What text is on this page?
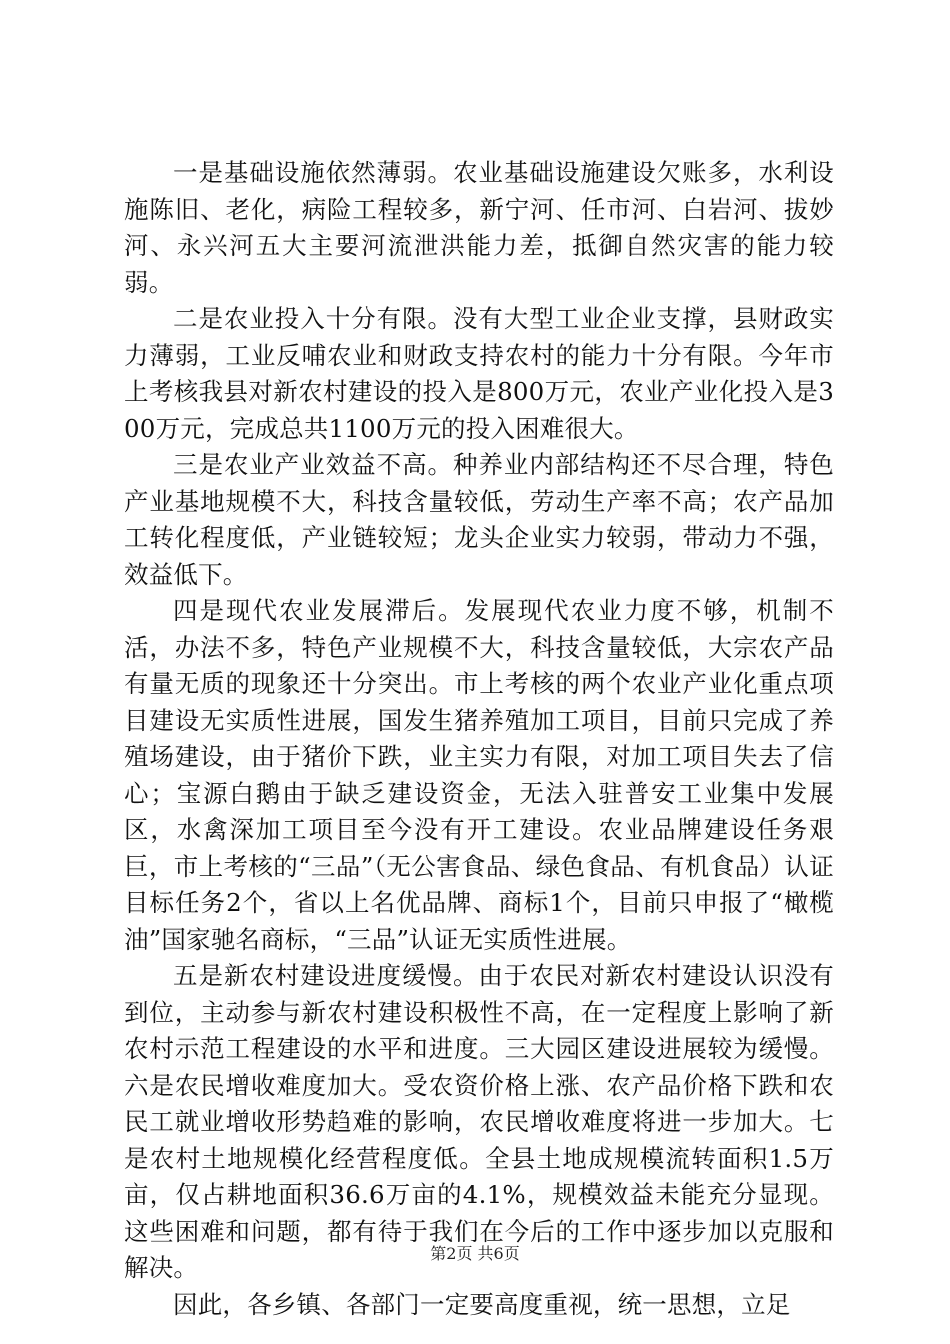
一是基础设施依然薄弱。农业基础设施建设欠账多，水利设施陈旧、老化，病险工程较多，新宁河、任市河、白岩河、拔妙河、永兴河五大主要河流泄洪能力差，抵御自然灾害的能力较弱。

二是农业投入十分有限。没有大型工业企业支撑，县财政实力薄弱，工业反哺农业和财政支持农村的能力十分有限。今年市上考核我县对新农村建设的投入是800万元，农业产业化投入是300万元，完成总共1100万元的投入困难很大。

三是农业产业效益不高。种养业内部结构还不尽合理，特色产业基地规模不大，科技含量较低，劳动生产率不高；农产品加工转化程度低，产业链较短；龙头企业实力较弱，带动力不强，效益低下。

四是现代农业发展滞后。发展现代农业力度不够，机制不活，办法不多，特色产业规模不大，科技含量较低，大宗农产品有量无质的现象还十分突出。市上考核的两个农业产业化重点项目建设无实质性进展，国发生猪养殖加工项目，目前只完成了养殖场建设，由于猪价下跌，业主实力有限，对加工项目失去了信心；宝源白鹅由于缺乏建设资金，无法入驻普安工业集中发展区，水禽深加工项目至今没有开工建设。农业品牌建设任务艰巨，市上考核的“三品”（无公害食品、绿色食品、有机食品）认证目标任务2个，省以上名优品牌、商标1个，目前只申报了“橄榄油”国家驰名商标，“三品”认证无实质性进展。

五是新农村建设进度缓慢。由于农民对新农村建设认识没有到位，主动参与新农村建设积极性不高，在一定程度上影响了新农村示范工程建设的水平和进度。三大园区建设进展较为缓慢。六是农民增收难度加大。受农资价格上涨、农产品价格下跌和农民工就业增收形势趋难的影响，农民增收难度将进一步加大。七是农村土地规模化经营程度低。全县土地成规模流转面积1.5万亩，仅占耕地面积36.6万亩的4.1%，规模效益未能充分显现。这些困难和问题，都有待于我们在今后的工作中逐步加以克服和解决。

因此，各乡镇、各部门一定要高度重视，统一思想，立足

第2页 共6页
